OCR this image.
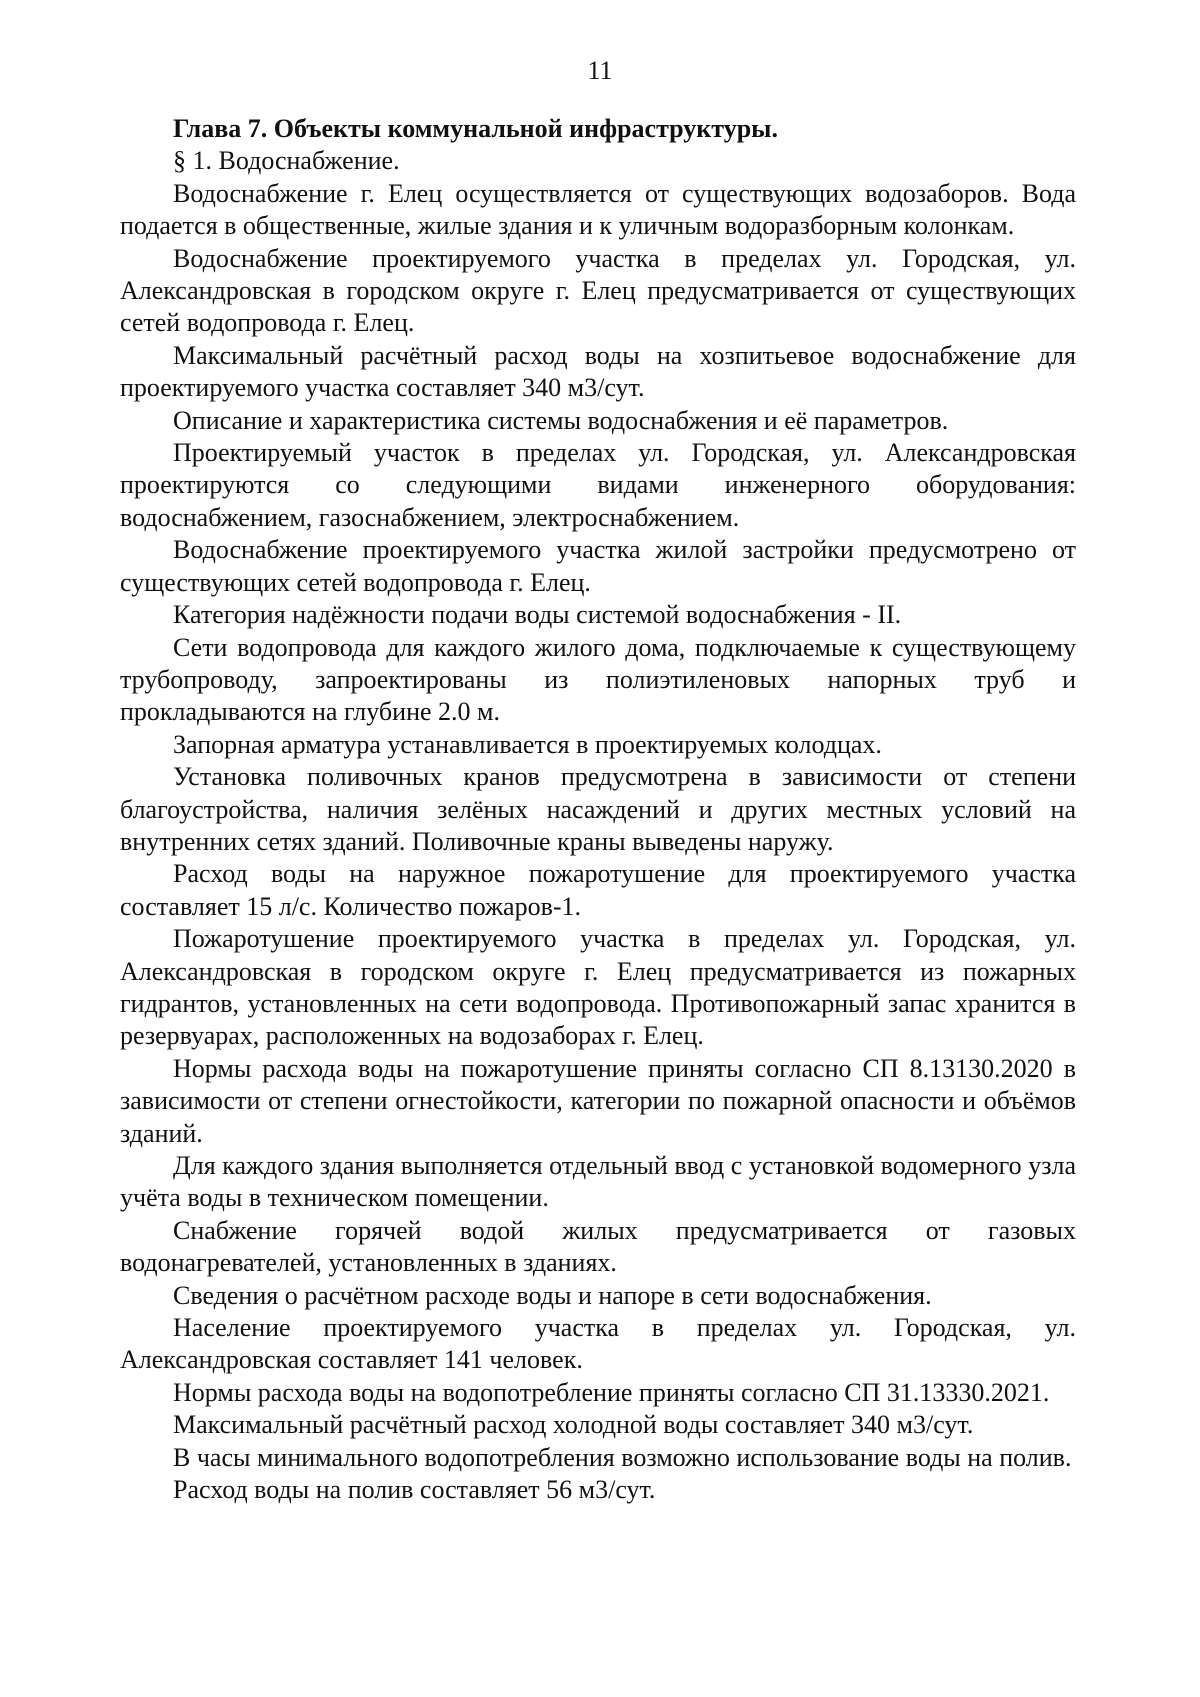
11

Глава 7. Объекты коммунальной инфраструктуры.

§ 1. Водоснабжение.

Водоснабжение г. Елец осуществляется от существующих водозаборов. Вода подается в общественные, жилые здания и к уличным водоразборным колонкам.

Водоснабжение проектируемого участка в пределах ул. Городская, ул. Александровская в городском округе г. Елец предусматривается от существующих сетей водопровода г. Елец.

Максимальный расчётный расход воды на хозпитьевое водоснабжение для проектируемого участка составляет 340 м3/сут.

Описание и характеристика системы водоснабжения и её параметров.

Проектируемый участок в пределах ул. Городская, ул. Александровская проектируются со следующими видами инженерного оборудования: водоснабжением, газоснабжением, электроснабжением.

Водоснабжение проектируемого участка жилой застройки предусмотрено от существующих сетей водопровода г. Елец.

Категория надёжности подачи воды системой водоснабжения - II.

Сети водопровода для каждого жилого дома, подключаемые к существующему трубопроводу, запроектированы из полиэтиленовых напорных труб и прокладываются на глубине 2.0 м.

Запорная арматура устанавливается в проектируемых колодцах.

Установка поливочных кранов предусмотрена в зависимости от степени благоустройства, наличия зелёных насаждений и других местных условий на внутренних сетях зданий. Поливочные краны выведены наружу.

Расход воды на наружное пожаротушение для проектируемого участка составляет 15 л/с. Количество пожаров-1.

Пожаротушение проектируемого участка в пределах ул. Городская, ул. Александровская в городском округе г. Елец предусматривается из пожарных гидрантов, установленных на сети водопровода. Противопожарный запас хранится в резервуарах, расположенных на водозаборах г. Елец.

Нормы расхода воды на пожаротушение приняты согласно СП 8.13130.2020 в зависимости от степени огнестойкости, категории по пожарной опасности и объёмов зданий.

Для каждого здания выполняется отдельный ввод с установкой водомерного узла учёта воды в техническом помещении.

Снабжение горячей водой жилых предусматривается от газовых водонагревателей, установленных в зданиях.

Сведения о расчётном расходе воды и напоре в сети водоснабжения.

Население проектируемого участка в пределах ул. Городская, ул. Александровская составляет 141 человек.

Нормы расхода воды на водопотребление приняты согласно СП 31.13330.2021.

Максимальный расчётный расход холодной воды составляет 340 м3/сут.

В часы минимального водопотребления возможно использование воды на полив.

Расход воды на полив составляет 56 м3/сут.
